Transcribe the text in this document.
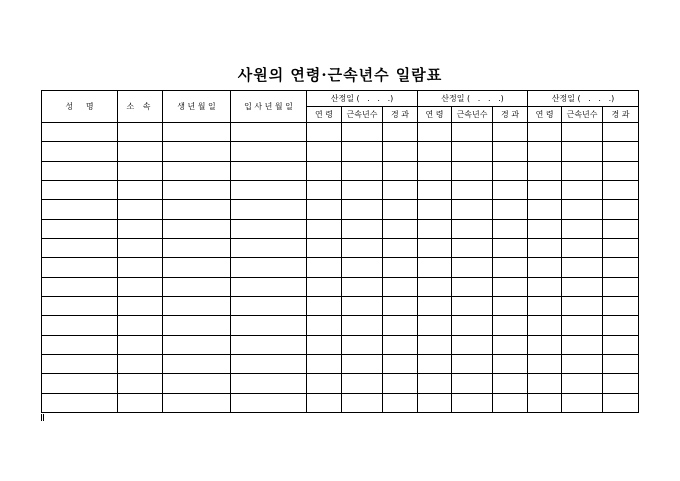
사원의 연령·근속년수 일람표
성     명	소 속	생 년 월 일	입 사 년 월 일	산정일 (   .   .   .)			산정일 (   .   .   .)			산정일 (   .   .   .)		
				연 령	근속년수	경 과	연 령	근속년수	경 과	연 령	근속년수	경 과
